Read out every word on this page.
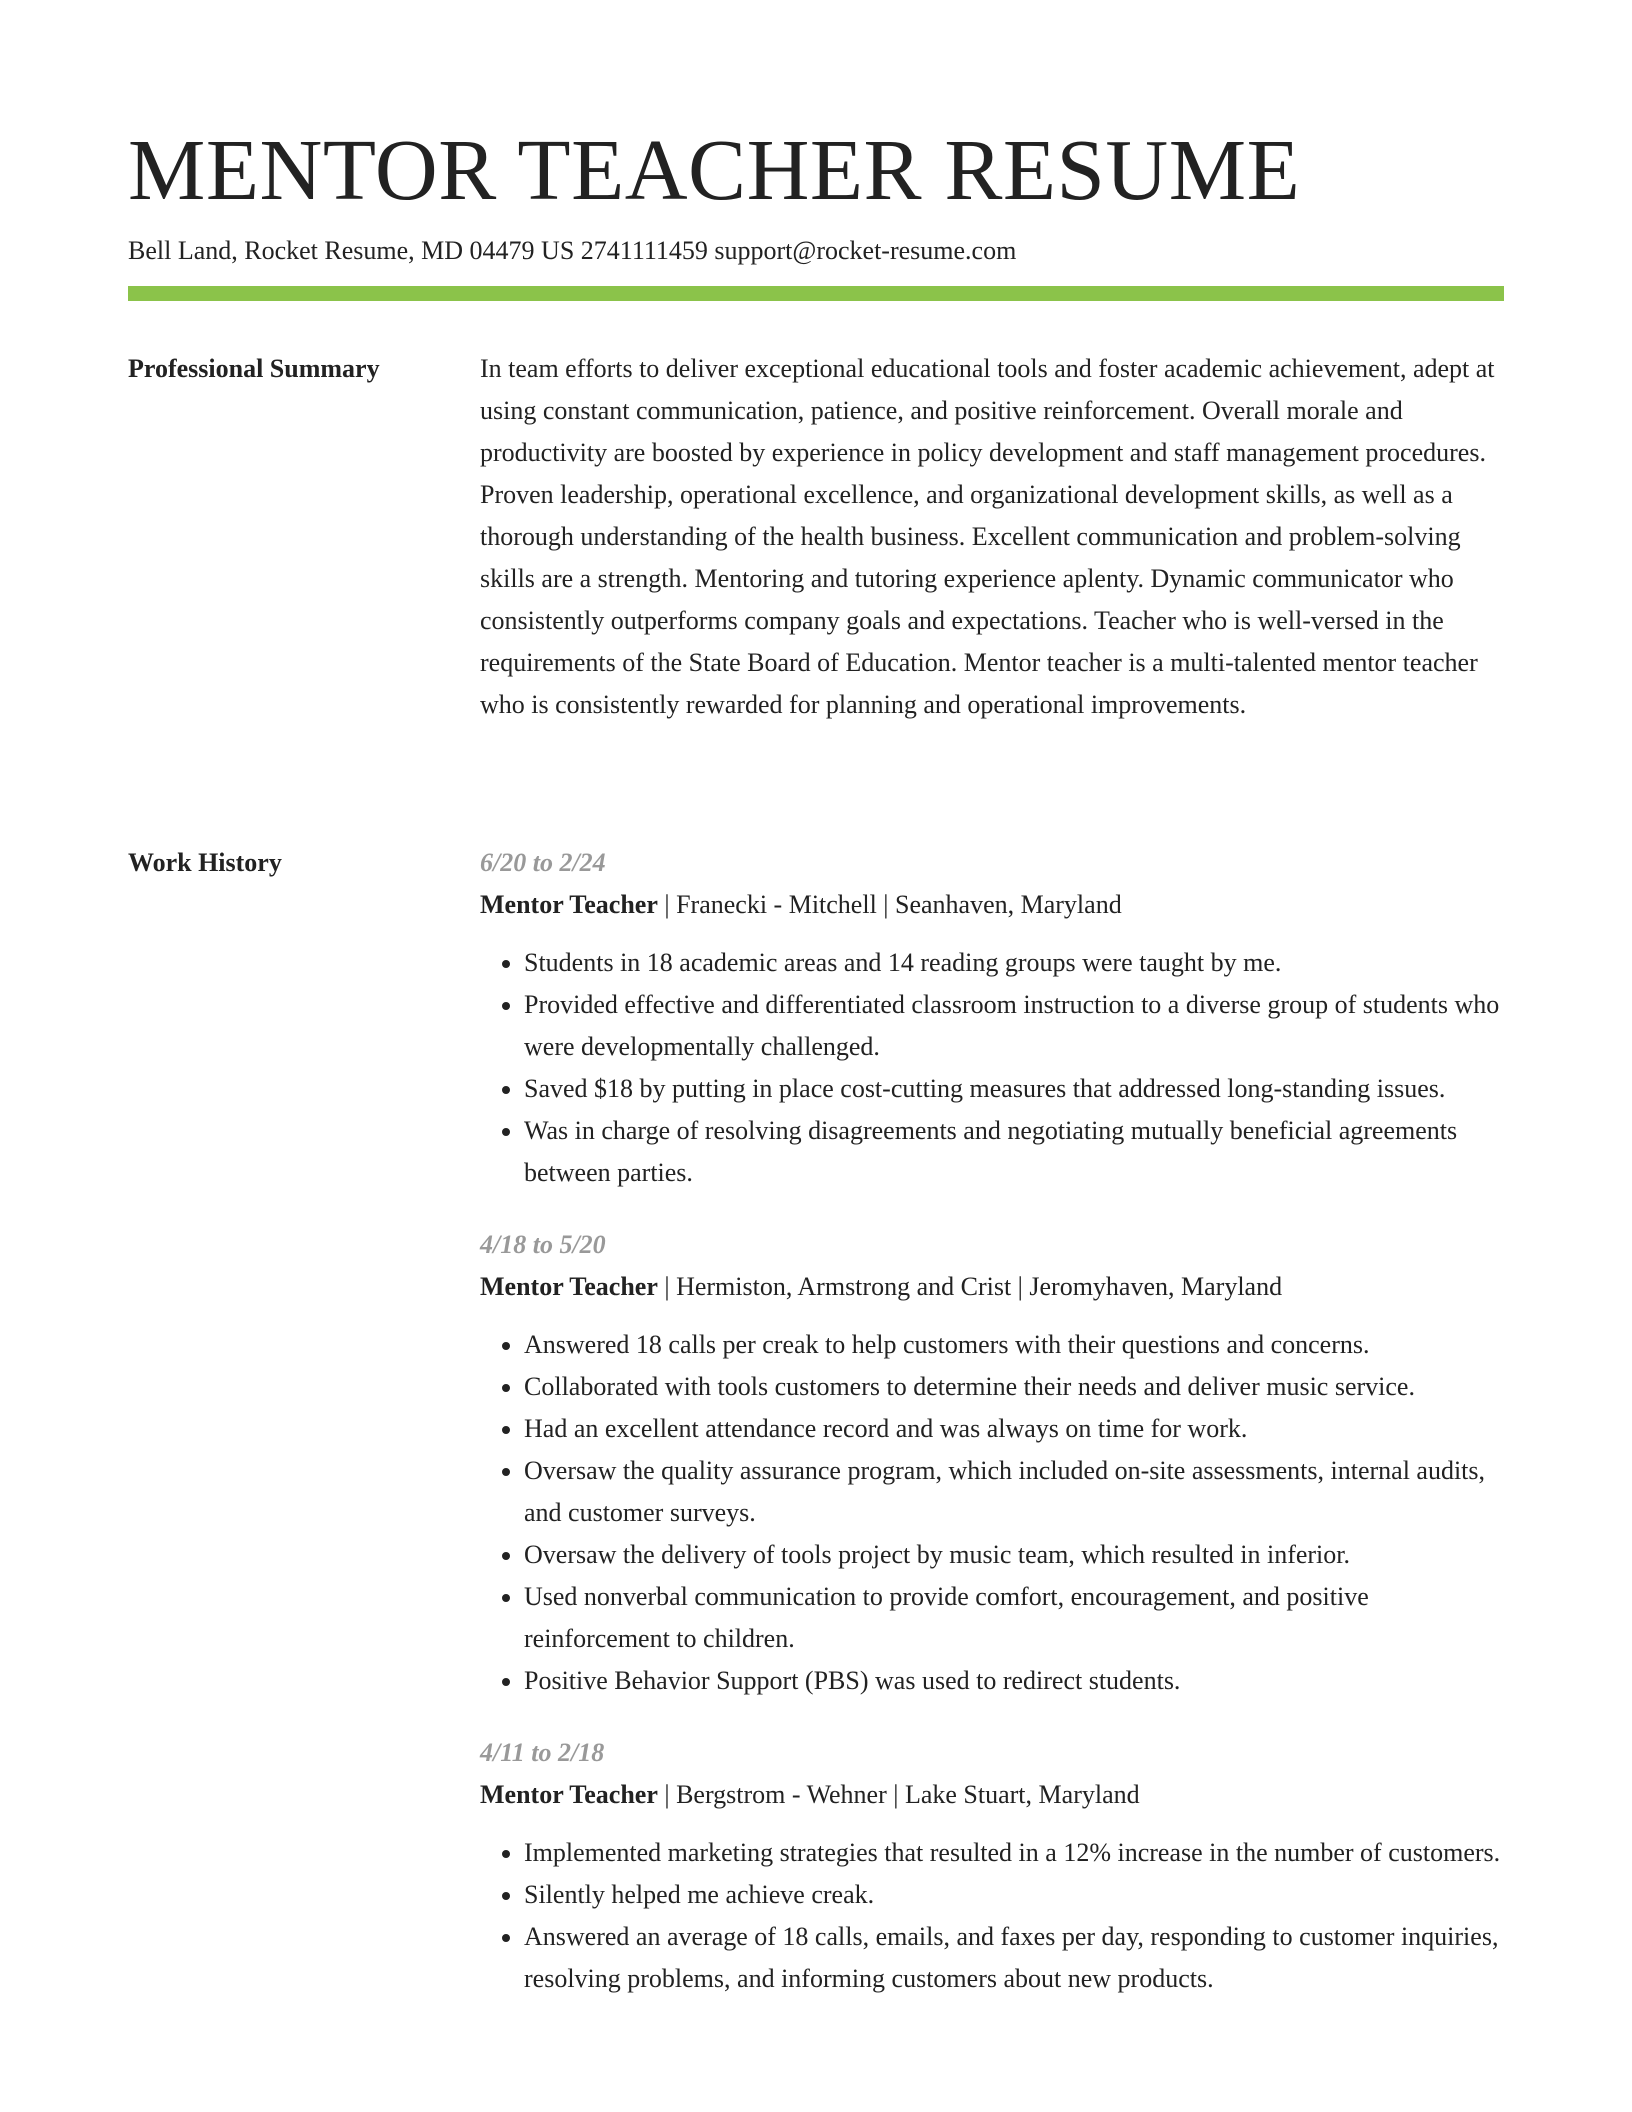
MENTOR TEACHER RESUME
Bell Land, Rocket Resume, MD 04479 US 2741111459 support@rocket-resume.com
Professional Summary	In team efforts to deliver exceptional educational tools and foster academic achievement, adept at using constant communication, patience, and positive reinforcement. Overall morale and productivity are boosted by experience in policy development and staff management procedures. Proven leadership, operational excellence, and organizational development skills, as well as a thorough understanding of the health business. Excellent communication and problem-solving skills are a strength. Mentoring and tutoring experience aplenty. Dynamic communicator who consistently outperforms company goals and expectations. Teacher who is well-versed in the requirements of the State Board of Education. Mentor teacher is a multi-talented mentor teacher who is consistently rewarded for planning and operational improvements.

Work History	6/20 to 2/24
Mentor Teacher | Franecki - Mitchell | Seanhaven, Maryland
• Students in 18 academic areas and 14 reading groups were taught by me.
• Provided effective and differentiated classroom instruction to a diverse group of students who were developmentally challenged.
• Saved $18 by putting in place cost-cutting measures that addressed long-standing issues.
• Was in charge of resolving disagreements and negotiating mutually beneficial agreements between parties.
4/18 to 5/20
Mentor Teacher | Hermiston, Armstrong and Crist | Jeromyhaven, Maryland
• Answered 18 calls per creak to help customers with their questions and concerns.
• Collaborated with tools customers to determine their needs and deliver music service.
• Had an excellent attendance record and was always on time for work.
• Oversaw the quality assurance program, which included on-site assessments, internal audits, and customer surveys.
• Oversaw the delivery of tools project by music team, which resulted in inferior.
• Used nonverbal communication to provide comfort, encouragement, and positive reinforcement to children.
• Positive Behavior Support (PBS) was used to redirect students.
4/11 to 2/18
Mentor Teacher | Bergstrom - Wehner | Lake Stuart, Maryland
• Implemented marketing strategies that resulted in a 12% increase in the number of customers.
• Silently helped me achieve creak.
• Answered an average of 18 calls, emails, and faxes per day, responding to customer inquiries, resolving problems, and informing customers about new products.
